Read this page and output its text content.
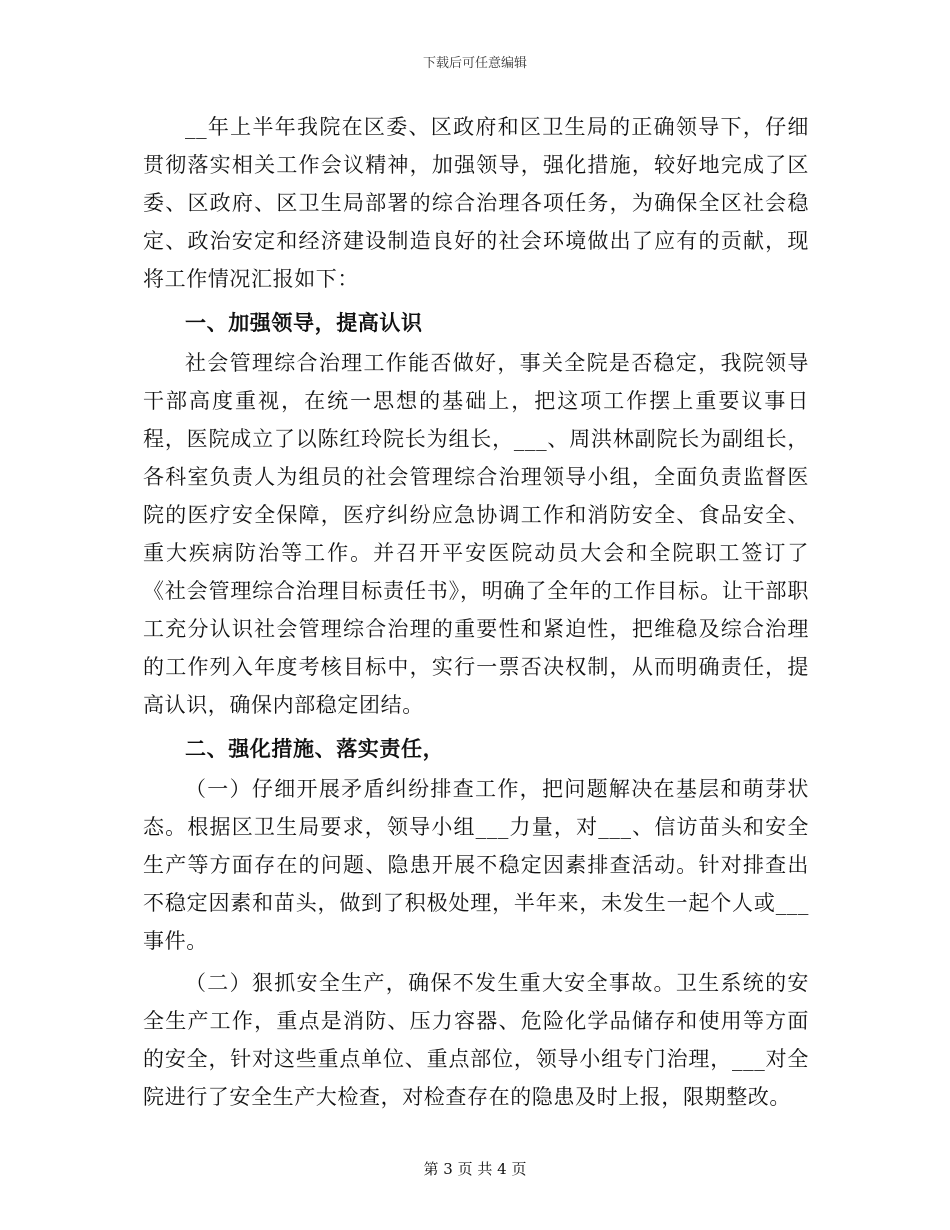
下载后可任意编辑

__年上半年我院在区委、区政府和区卫生局的正确领导下，仔细贯彻落实相关工作会议精神，加强领导，强化措施，较好地完成了区委、区政府、区卫生局部署的综合治理各项任务，为确保全区社会稳定、政治安定和经济建设制造良好的社会环境做出了应有的贡献，现将工作情况汇报如下：

一、加强领导，提高认识

社会管理综合治理工作能否做好，事关全院是否稳定，我院领导干部高度重视，在统一思想的基础上，把这项工作摆上重要议事日程，医院成立了以陈红玲院长为组长，___、周洪林副院长为副组长，各科室负责人为组员的社会管理综合治理领导小组，全面负责监督医院的医疗安全保障，医疗纠纷应急协调工作和消防安全、食品安全、重大疾病防治等工作。并召开平安医院动员大会和全院职工签订了《社会管理综合治理目标责任书》，明确了全年的工作目标。让干部职工充分认识社会管理综合治理的重要性和紧迫性，把维稳及综合治理的工作列入年度考核目标中，实行一票否决权制，从而明确责任，提高认识，确保内部稳定团结。

二、强化措施、落实责任，

（一）仔细开展矛盾纠纷排查工作，把问题解决在基层和萌芽状态。根据区卫生局要求，领导小组___力量，对___、信访苗头和安全生产等方面存在的问题、隐患开展不稳定因素排查活动。针对排查出不稳定因素和苗头，做到了积极处理，半年来，未发生一起个人或___事件。

（二）狠抓安全生产，确保不发生重大安全事故。卫生系统的安全生产工作，重点是消防、压力容器、危险化学品储存和使用等方面的安全，针对这些重点单位、重点部位，领导小组专门治理，___对全院进行了安全生产大检查，对检查存在的隐患及时上报，限期整改。

第 3 页 共 4 页
